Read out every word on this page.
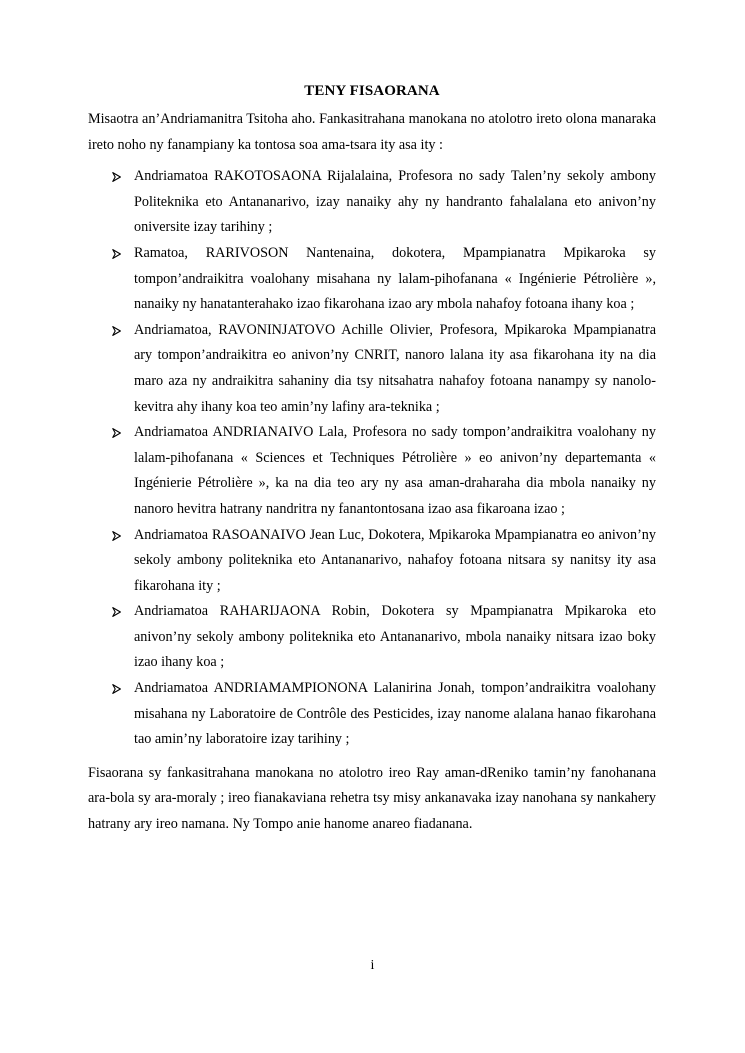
TENY FISAORANA

Misaotra an’Andriamanitra Tsitoha aho. Fankasitrahana manokana no atolotro ireto olona manaraka ireto noho ny fanampiany ka tontosa soa ama-tsara ity asa ity :

Andriamatoa RAKOTOSAONA Rijalalaina, Profesora no sady Talen’ny sekoly ambony Politeknika eto Antananarivo, izay nanaiky ahy ny handranto fahalalana eto anivon’ny oniversite izay tarihiny ;
Ramatoa, RARIVOSON Nantenaina, dokotera, Mpampianatra Mpikaroka sy tompon’andraikitra voalohany misahana ny lalam-pihofanana « Ingénierie Pétrolière », nanaiky ny hanatanterahako izao fikarohana izao ary mbola nahafoy fotoana ihany koa ;
Andriamatoa, RAVONINJATOVO Achille Olivier, Profesora, Mpikaroka Mpampianatra ary tompon’andraikitra eo anivon’ny CNRIT, nanoro lalana ity asa fikarohana ity na dia maro aza ny andraikitra sahaniny dia tsy nitsahatra nahafoy fotoana nanampy sy nanolo-kevitra ahy ihany koa teo amin’ny lafiny ara-teknika ;
Andriamatoa ANDRIANAIVO Lala, Profesora no sady tompon’andraikitra voalohany ny lalam-pihofanana « Sciences et Techniques Pétrolière » eo anivon’ny departemanta « Ingénierie Pétrolière », ka na dia teo ary ny asa aman-draharaha dia mbola nanaiky ny nanoro hevitra hatrany nandritra ny fanantontosana izao asa fikaroana izao ;
Andriamatoa RASOANAIVO Jean Luc, Dokotera, Mpikaroka Mpampianatra eo anivon’ny sekoly ambony politeknika eto Antananarivo, nahafoy fotoana nitsara sy nanitsy ity asa fikarohana ity ;
Andriamatoa RAHARIJAONA Robin, Dokotera sy Mpampianatra Mpikaroka eto anivon’ny sekoly ambony politeknika eto Antananarivo, mbola nanaiky nitsara izao boky izao ihany koa ;
Andriamatoa ANDRIAMAMPIONONA Lalanirina Jonah, tompon’andraikitra voalohany misahana ny Laboratoire de Contrôle des Pesticides, izay nanome alalana hanao fikarohana tao amin’ny laboratoire izay tarihiny ;

Fisaorana sy fankasitrahana manokana no atolotro ireo Ray aman-dReniko tamin’ny fanohanana ara-bola sy ara-moraly ; ireo fianakaviana rehetra tsy misy ankanavaka izay nanohana sy nankahery hatrany ary ireo namana. Ny Tompo anie hanome anareo fiadanana.

i
